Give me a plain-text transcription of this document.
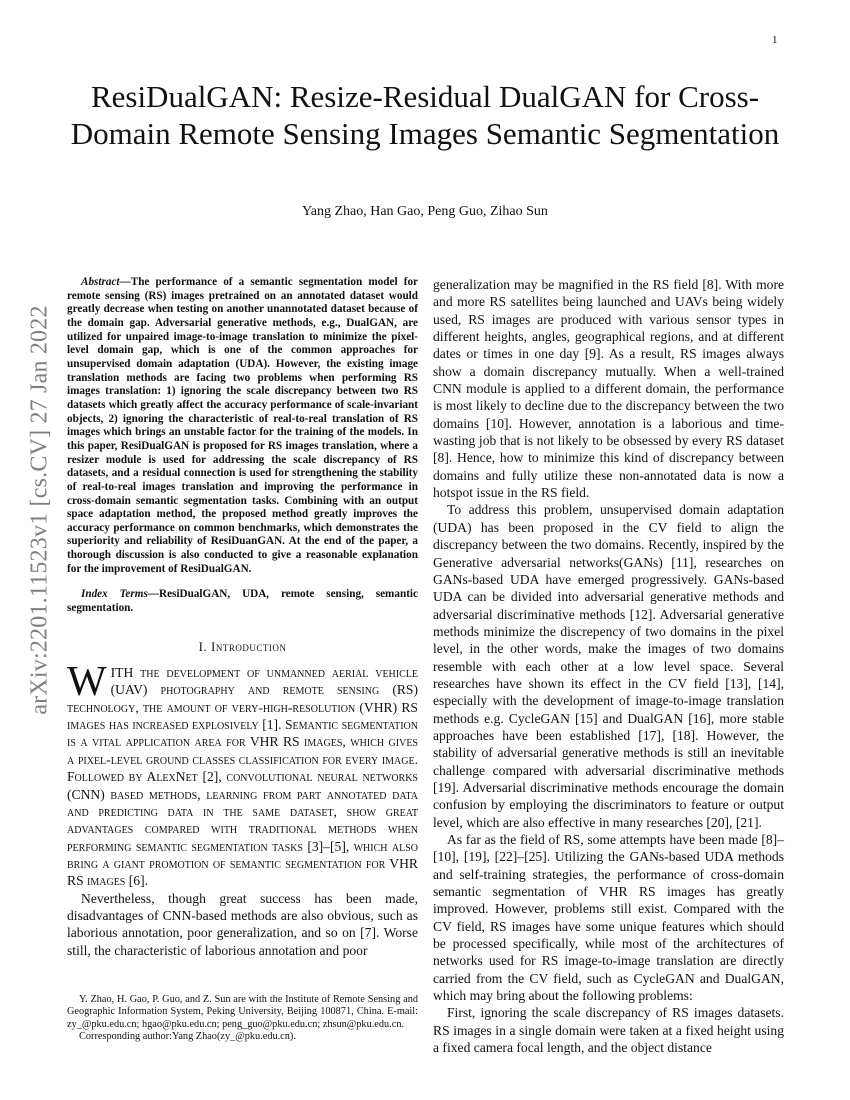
1
arXiv:2201.11523v1 [cs.CV] 27 Jan 2022
ResiDualGAN: Resize-Residual DualGAN for Cross-Domain Remote Sensing Images Semantic Segmentation
Yang Zhao, Han Gao, Peng Guo, Zihao Sun

Abstract—The performance of a semantic segmentation model for remote sensing (RS) images pretrained on an annotated dataset would greatly decrease when testing on another unannotated dataset because of the domain gap. Adversarial generative methods, e.g., DualGAN, are utilized for unpaired image-to-image translation to minimize the pixel-level domain gap, which is one of the common approaches for unsupervised domain adaptation (UDA). However, the existing image translation methods are facing two problems when performing RS images translation: 1) ignoring the scale discrepancy between two RS datasets which greatly affect the accuracy performance of scale-invariant objects, 2) ignoring the characteristic of real-to-real translation of RS images which brings an unstable factor for the training of the models. In this paper, ResiDualGAN is proposed for RS images translation, where a resizer module is used for addressing the scale discrepancy of RS datasets, and a residual connection is used for strengthening the stability of real-to-real images translation and improving the performance in cross-domain semantic segmentation tasks. Combining with an output space adaptation method, the proposed method greatly improves the accuracy performance on common benchmarks, which demonstrates the superiority and reliability of ResiDuanGAN. At the end of the paper, a thorough discussion is also conducted to give a reasonable explanation for the improvement of ResiDualGAN.

Index Terms—ResiDualGAN, UDA, remote sensing, semantic segmentation.

I. Introduction

WITH the development of unmanned aerial vehicle (UAV) photography and remote sensing (RS) technology, the amount of very-high-resolution (VHR) RS images has increased explosively [1]. Semantic segmentation is a vital application area for VHR RS images, which gives a pixel-level ground classes classification for every image. Followed by AlexNet [2], convolutional neural networks (CNN) based methods, learning from part annotated data and predicting data in the same dataset, show great advantages compared with traditional methods when performing semantic segmentation tasks [3]–[5], which also bring a giant promotion of semantic segmentation for VHR RS images [6].

Nevertheless, though great success has been made, disadvantages of CNN-based methods are also obvious, such as laborious annotation, poor generalization, and so on [7]. Worse still, the characteristic of laborious annotation and poor

generalization may be magnified in the RS field [8]. With more and more RS satellites being launched and UAVs being widely used, RS images are produced with various sensor types in different heights, angles, geographical regions, and at different dates or times in one day [9]. As a result, RS images always show a domain discrepancy mutually. When a well-trained CNN module is applied to a different domain, the performance is most likely to decline due to the discrepancy between the two domains [10]. However, annotation is a laborious and time-wasting job that is not likely to be obsessed by every RS dataset [8]. Hence, how to minimize this kind of discrepancy between domains and fully utilize these non-annotated data is now a hotspot issue in the RS field.

To address this problem, unsupervised domain adaptation (UDA) has been proposed in the CV field to align the discrepancy between the two domains. Recently, inspired by the Generative adversarial networks(GANs) [11], researches on GANs-based UDA have emerged progressively. GANs-based UDA can be divided into adversarial generative methods and adversarial discriminative methods [12]. Adversarial generative methods minimize the discrepency of two domains in the pixel level, in the other words, make the images of two domains resemble with each other at a low level space. Several researches have shown its effect in the CV field [13], [14], especially with the development of image-to-image translation methods e.g. CycleGAN [15] and DualGAN [16], more stable approaches have been established [17], [18]. However, the stability of adversarial generative methods is still an inevitable challenge compared with adversarial discriminative methods [19]. Adversarial discriminative methods encourage the domain confusion by employing the discriminators to feature or output level, which are also effective in many researches [20], [21].

As far as the field of RS, some attempts have been made [8]–[10], [19], [22]–[25]. Utilizing the GANs-based UDA methods and self-training strategies, the performance of cross-domain semantic segmentation of VHR RS images has greatly improved. However, problems still exist. Compared with the CV field, RS images have some unique features which should be processed specifically, while most of the architectures of networks used for RS image-to-image translation are directly carried from the CV field, such as CycleGAN and DualGAN, which may bring about the following problems:

First, ignoring the scale discrepancy of RS images datasets. RS images in a single domain were taken at a fixed height using a fixed camera focal length, and the object distance

Y. Zhao, H. Gao, P. Guo, and Z. Sun are with the Institute of Remote Sensing and Geographic Information System, Peking University, Beijing 100871, China. E-mail: zy_@pku.edu.cn; hgao@pku.edu.cn; peng_guo@pku.edu.cn; zhsun@pku.edu.cn.

Corresponding author:Yang Zhao(zy_@pku.edu.cn).
